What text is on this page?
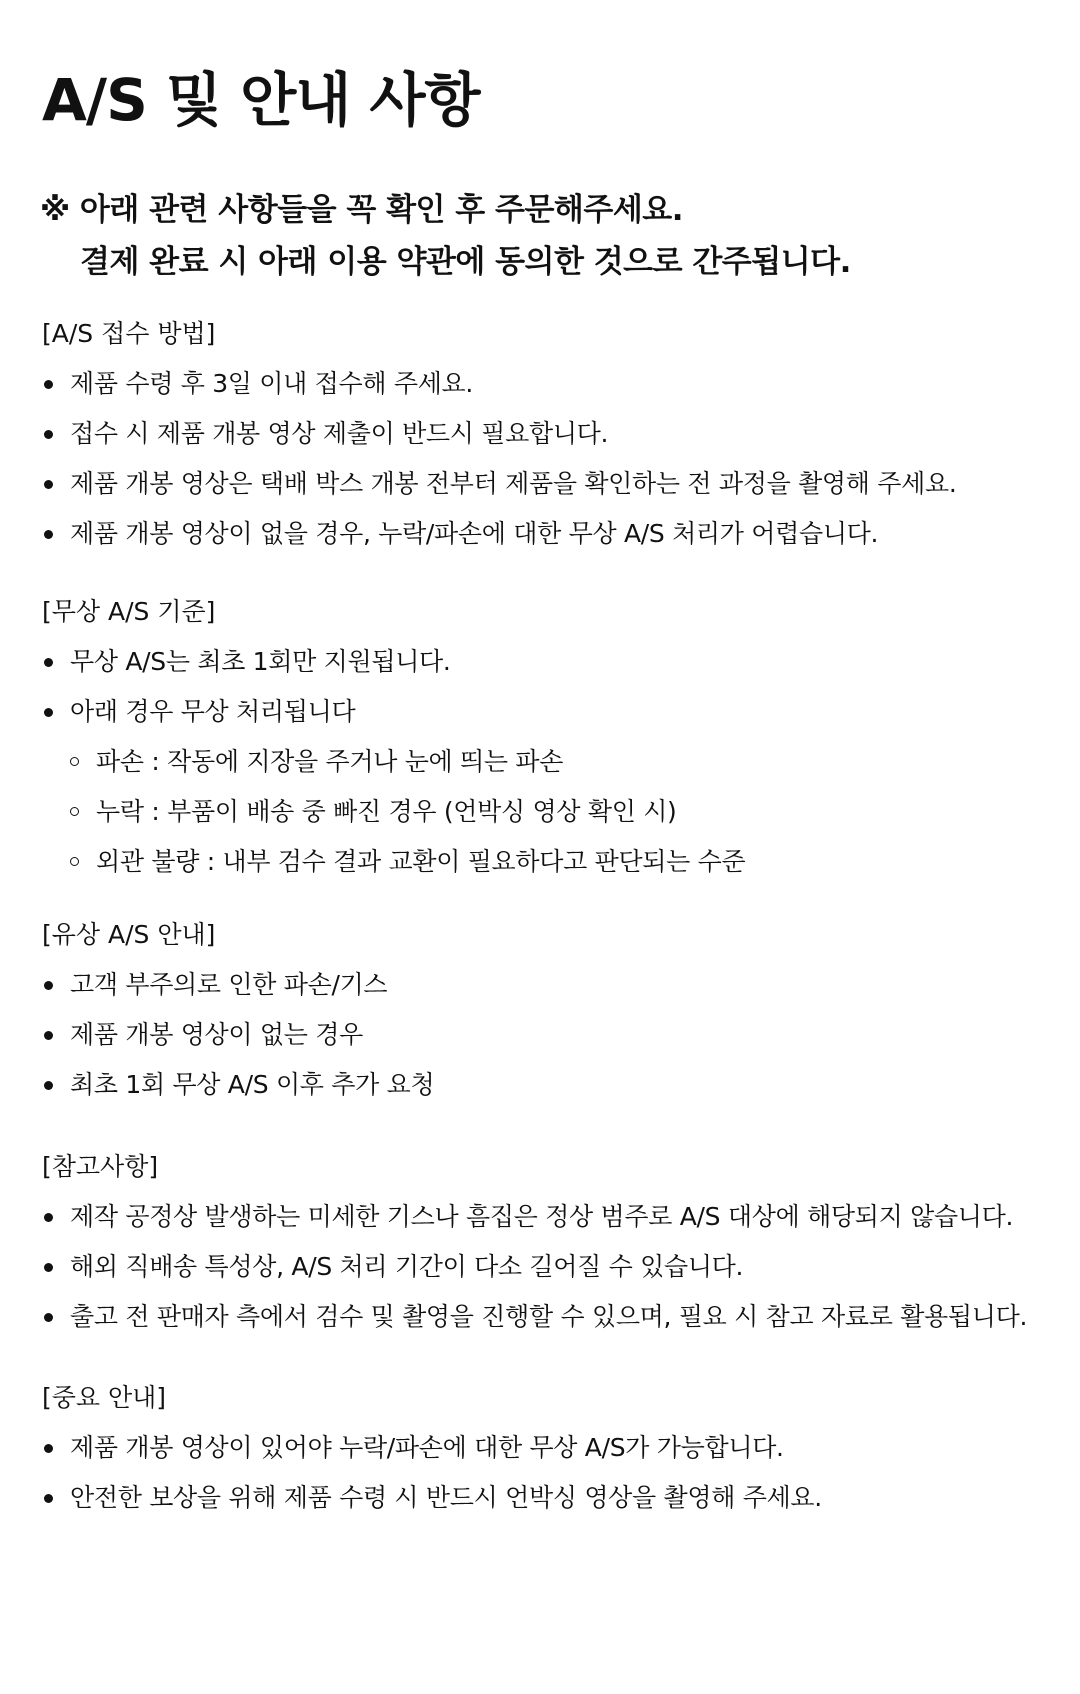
A/S 및 안내 사항
※ 아래 관련 사항들을 꼭 확인 후 주문해주세요.
결제 완료 시 아래 이용 약관에 동의한 것으로 간주됩니다.
[A/S 접수 방법]
제품 수령 후 3일 이내 접수해 주세요.
접수 시 제품 개봉 영상 제출이 반드시 필요합니다.
제품 개봉 영상은 택배 박스 개봉 전부터 제품을 확인하는 전 과정을 촬영해 주세요.
제품 개봉 영상이 없을 경우, 누락/파손에 대한 무상 A/S 처리가 어렵습니다.
[무상 A/S 기준]
무상 A/S는 최초 1회만 지원됩니다.
아래 경우 무상 처리됩니다
파손 : 작동에 지장을 주거나 눈에 띄는 파손
누락 : 부품이 배송 중 빠진 경우 (언박싱 영상 확인 시)
외관 불량 : 내부 검수 결과 교환이 필요하다고 판단되는 수준
[유상 A/S 안내]
고객 부주의로 인한 파손/기스
제품 개봉 영상이 없는 경우
최초 1회 무상 A/S 이후 추가 요청
[참고사항]
제작 공정상 발생하는 미세한 기스나 흠집은 정상 범주로 A/S 대상에 해당되지 않습니다.
해외 직배송 특성상, A/S 처리 기간이 다소 길어질 수 있습니다.
출고 전 판매자 측에서 검수 및 촬영을 진행할 수 있으며, 필요 시 참고 자료로 활용됩니다.
[중요 안내]
제품 개봉 영상이 있어야 누락/파손에 대한 무상 A/S가 가능합니다.
안전한 보상을 위해 제품 수령 시 반드시 언박싱 영상을 촬영해 주세요.
